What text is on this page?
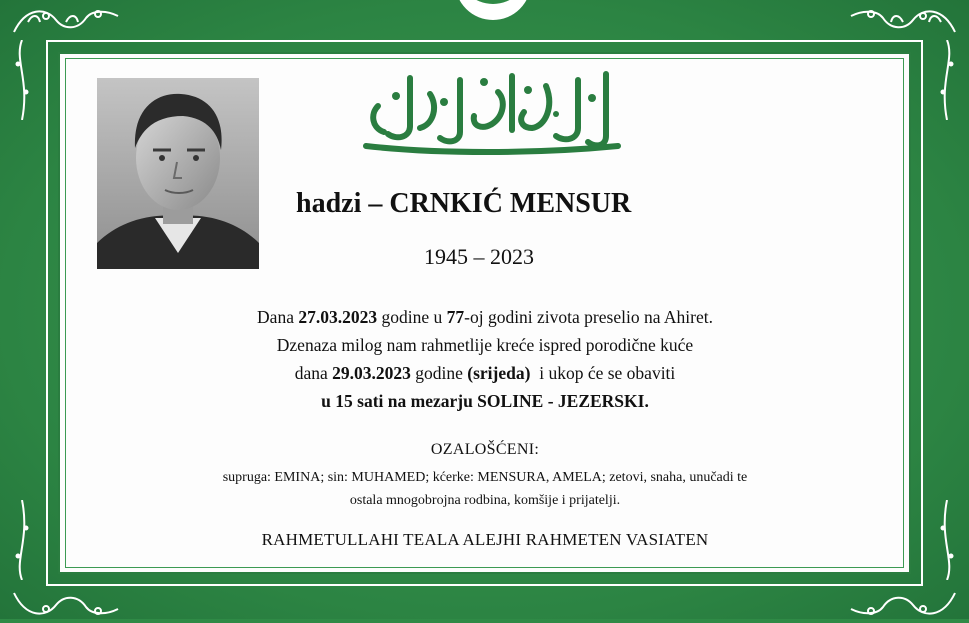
hadzi – CRNKIĆ MENSUR
1945 – 2023
Dana 27.03.2023 godine u 77-oj godini zivota preselio na Ahiret.
Dzenaza milog nam rahmetlije kreće ispred porodične kuće
dana 29.03.2023 godine (srijeda)  i ukop će se obaviti
u 15 sati na mezarju SOLINE - JEZERSKI.
OZALOŠĆENI:
supruga: EMINA; sin: MUHAMED; kćerke: MENSURA, AMELA; zetovi, snaha, unučadi te
ostala mnogobrojna rodbina, komšije i prijatelji.
RAHMETULLAHI TEALA ALEJHI RAHMETEN VASIATEN
